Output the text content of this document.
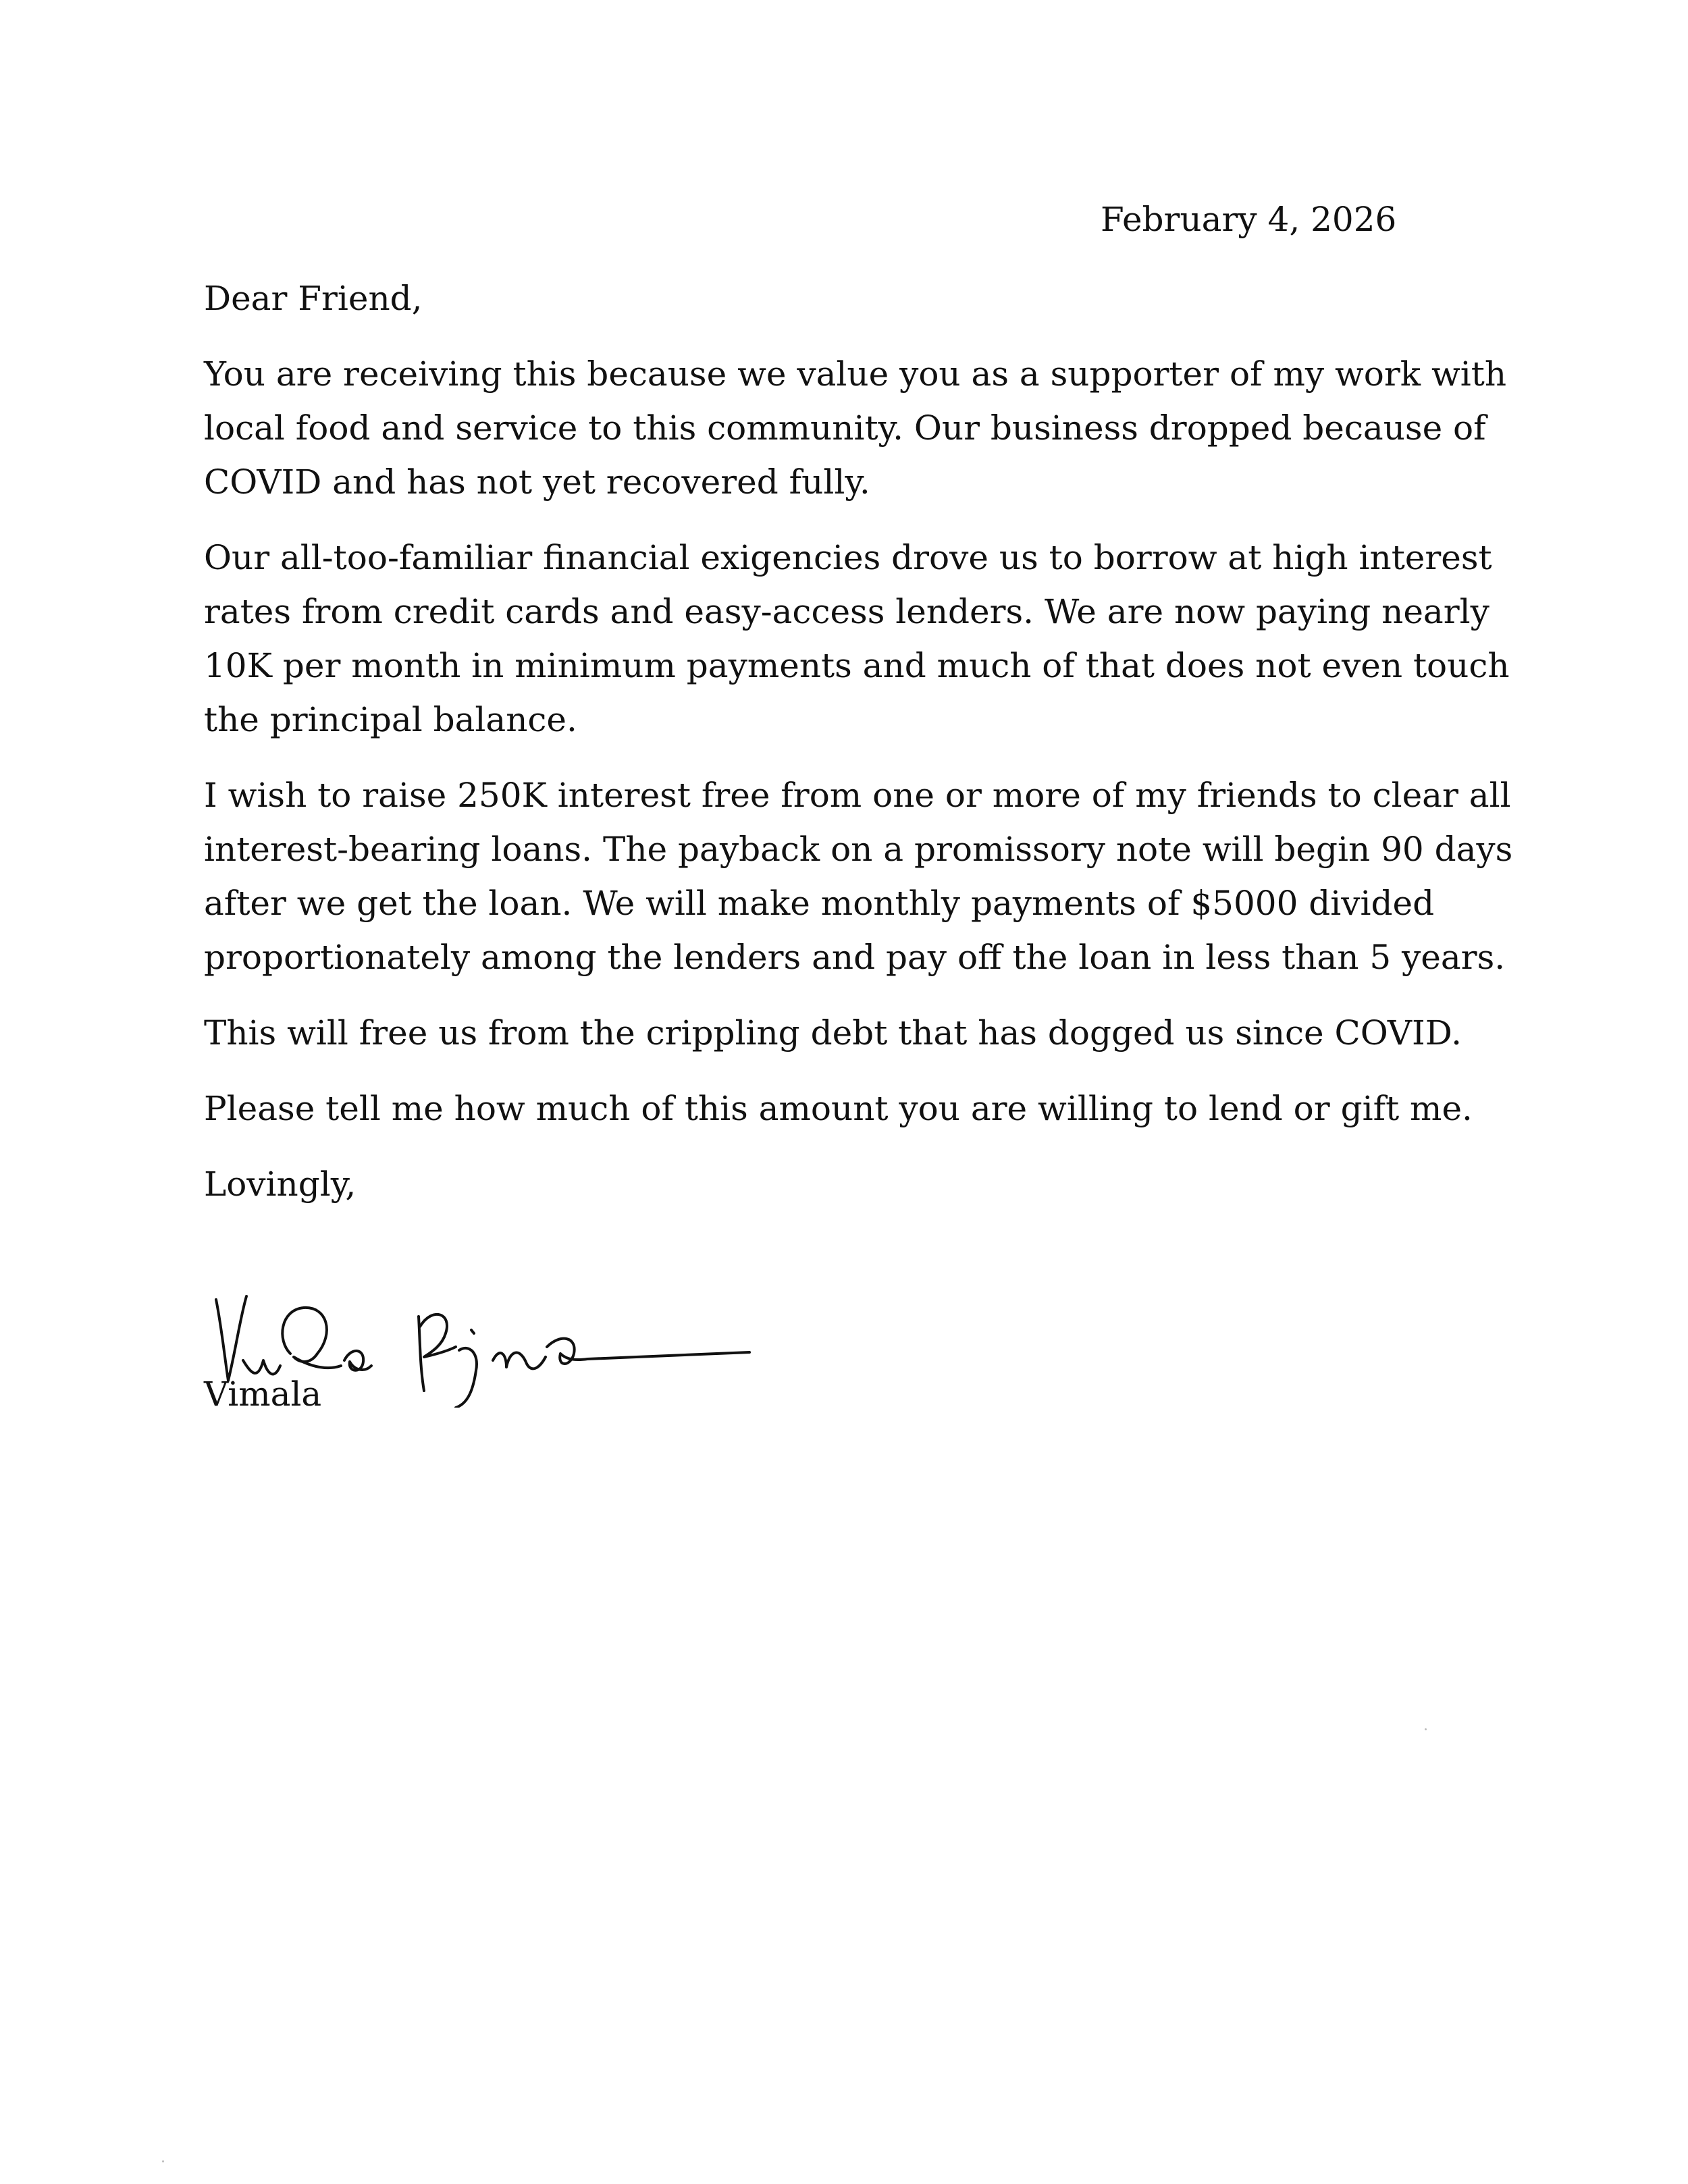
February 4, 2026

Dear Friend,

You are receiving this because we value you as a supporter of my work with local food and service to this community. Our business dropped because of COVID and has not yet recovered fully.

Our all-too-familiar financial exigencies drove us to borrow at high interest rates from credit cards and easy-access lenders. We are now paying nearly 10K per month in minimum payments and much of that does not even touch the principal balance.

I wish to raise 250K interest free from one or more of my friends to clear all interest-bearing loans. The payback on a promissory note will begin 90 days after we get the loan. We will make monthly payments of $5000 divided proportionately among the lenders and pay off the loan in less than 5 years.

This will free us from the crippling debt that has dogged us since COVID.

Please tell me how much of this amount you are willing to lend or gift me.

Lovingly,

Vimala
